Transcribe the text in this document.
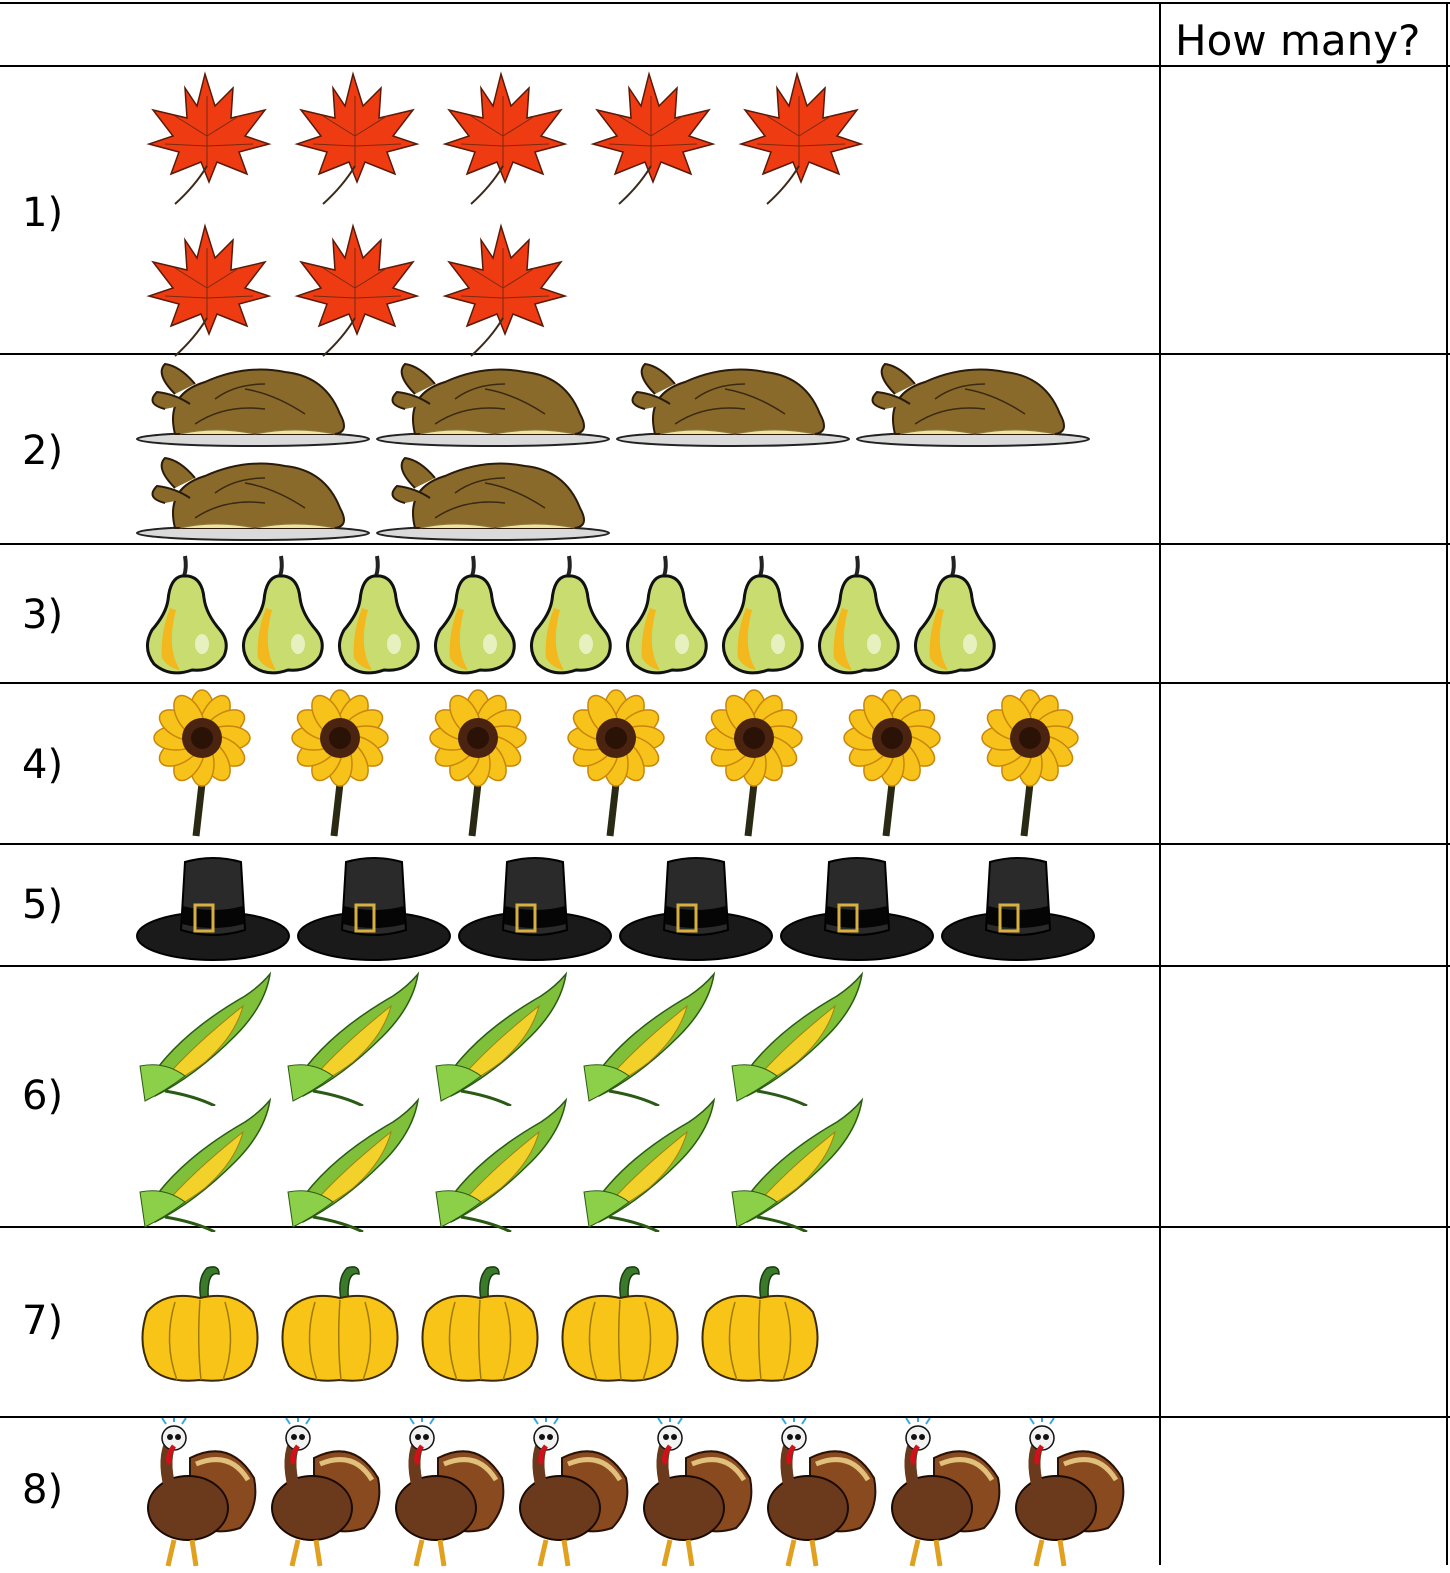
How many?
1)
2)
3)
4)
5)
6)
7)
8)
